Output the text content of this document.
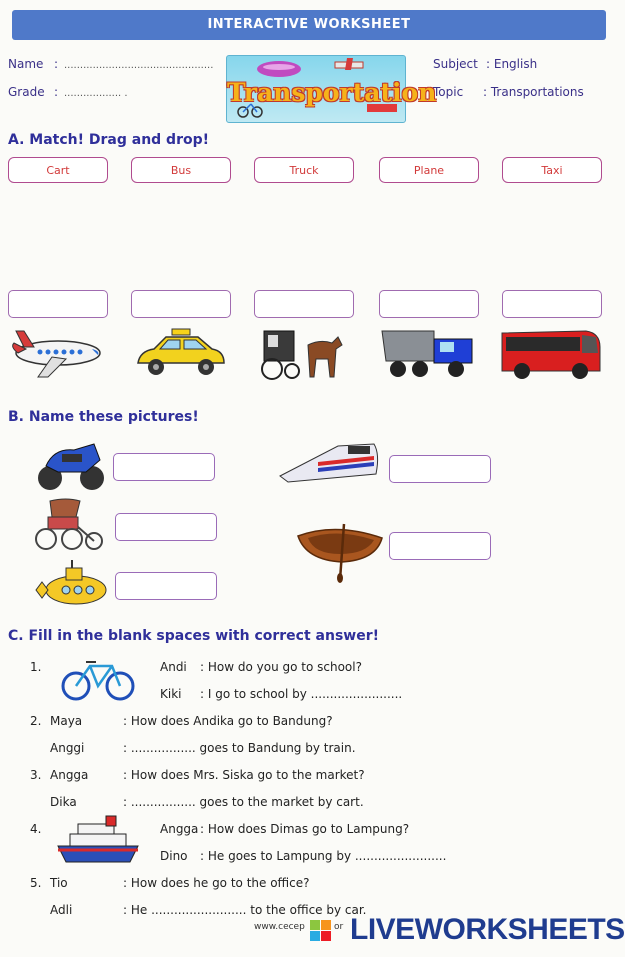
INTERACTIVE WORKSHEET
Name : ...............................................
Grade : .................. .	Transportation
Subject : English
Topic : Transportations
A. Match! Drag and drop!
Cart	Bus	Truck	Plane	Taxi
B. Name these pictures!
C. Fill in the blank spaces with correct answer!
1.	Andi : How do you go to school?
Kiki : I go to school by ........................
2. Maya	: How does Andika go to Bandung?
Anggi	: ................. goes to Bandung by train.
3. Angga	: How does Mrs. Siska go to the market?
Dika	: ................. goes to the market by cart.
4.	Angga : How does Dimas go to Lampung?
Dino : He goes to Lampung by ........................
5. Tio	: How does he go to the office?
Adli	: He ......................... to the office by car.
www.cecep	or LIVEWORKSHEETS
